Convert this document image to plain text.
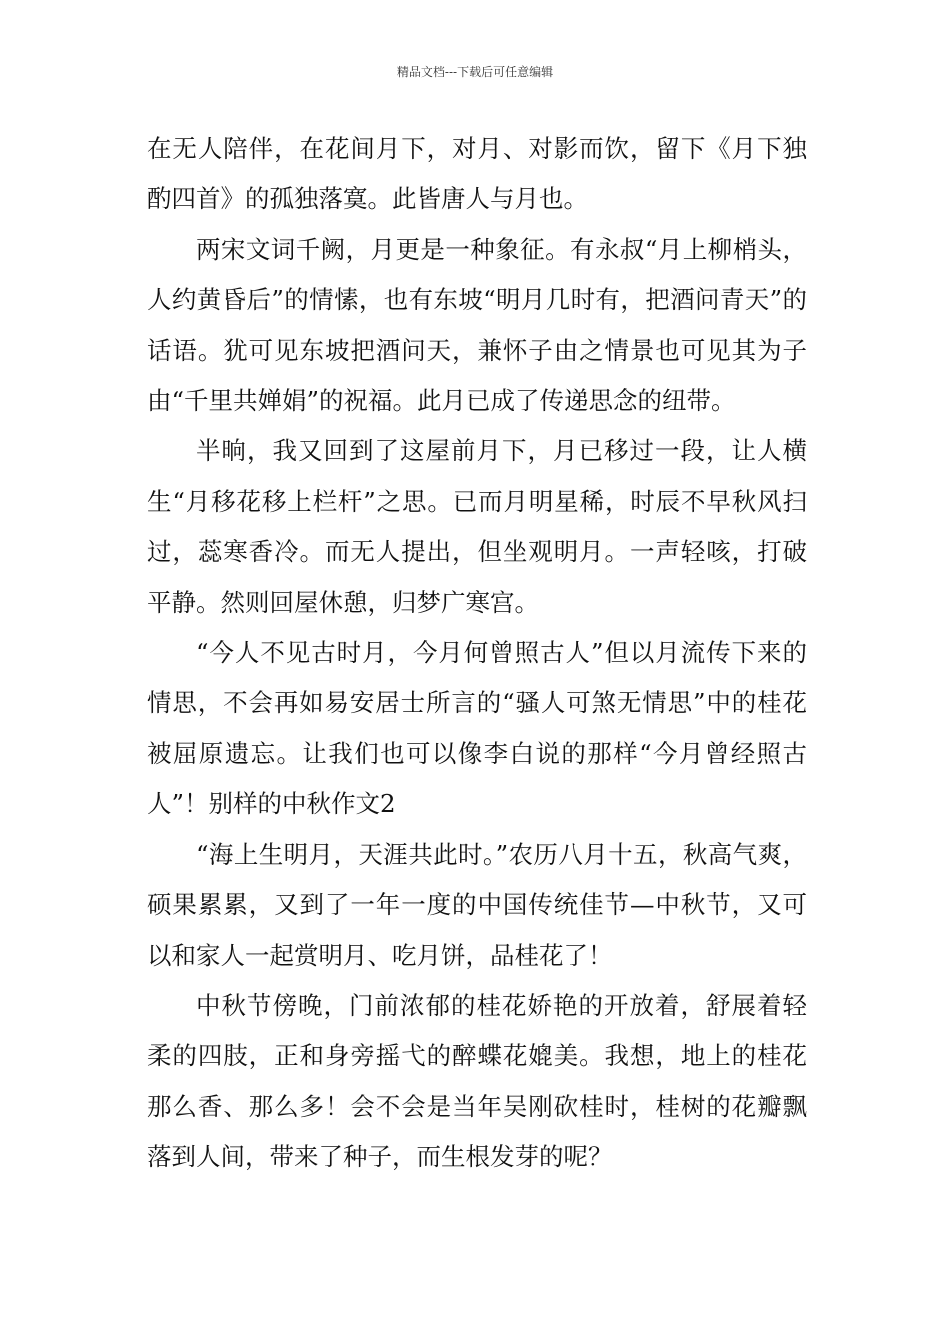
精品文档---下载后可任意编辑

在无人陪伴，在花间月下，对月、对影而饮，留下《月下独酌四首》的孤独落寞。此皆唐人与月也。

两宋文词千阙，月更是一种象征。有永叔“月上柳梢头，人约黄昏后”的情愫，也有东坡“明月几时有，把酒问青天”的话语。犹可见东坡把酒问天，兼怀子由之情景也可见其为子由“千里共婵娟”的祝福。此月已成了传递思念的纽带。

半晌，我又回到了这屋前月下，月已移过一段，让人横生“月移花移上栏杆”之思。已而月明星稀，时辰不早秋风扫过，蕊寒香冷。而无人提出，但坐观明月。一声轻咳，打破平静。然则回屋休憩，归梦广寒宫。

“今人不见古时月，今月何曾照古人”但以月流传下来的情思，不会再如易安居士所言的“骚人可煞无情思”中的桂花被屈原遗忘。让我们也可以像李白说的那样“今月曾经照古人”！别样的中秋作文2

“海上生明月，天涯共此时。”农历八月十五，秋高气爽，硕果累累，又到了一年一度的中国传统佳节—中秋节，又可以和家人一起赏明月、吃月饼，品桂花了！

中秋节傍晚，门前浓郁的桂花娇艳的开放着，舒展着轻柔的四肢，正和身旁摇弋的醉蝶花媲美。我想，地上的桂花那么香、那么多！会不会是当年吴刚砍桂时，桂树的花瓣飘落到人间，带来了种子，而生根发芽的呢？
